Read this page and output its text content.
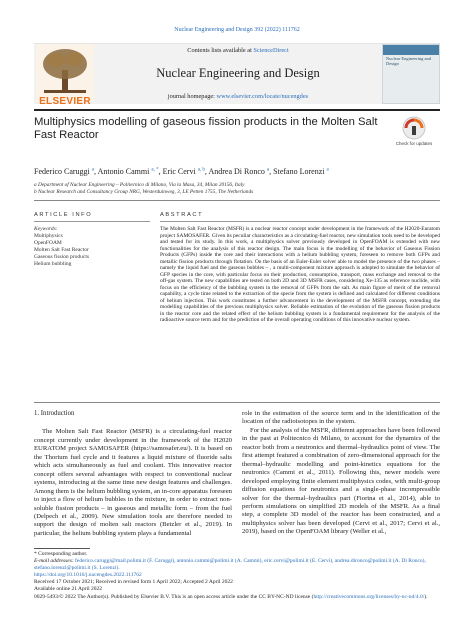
Nuclear Engineering and Design 392 (2022) 111762
ELSEVIER
Contents lists available at ScienceDirect
Nuclear Engineering and Design
journal homepage: www.elsevier.com/locate/nucengdes
Nuclear Engineering and Design
Multiphysics modelling of gaseous fission products in the Molten Salt Fast Reactor
Check for updates
Federico Caruggi $^a$, Antonio Cammi $^{a, *}$, Eric Cervi $^{a, b}$, Andrea Di Ronco $^a$, Stefano Lorenzi $^a$
a Department of Nuclear Engineering – Politecnico di Milano, Via la Masa, 34, Milan 20156, Italy
b Nuclear Research and Consultancy Group NRG, Westerduinweg, 3, LE Petten 1755, The Netherlands
ARTICLE INFO	ABSTRACT
Keywords:
Multiphysics
OpenFOAM
Molten Salt Fast Reactor
Gaseous fission products
Helium bubbling
The Molten Salt Fast Reactor (MSFR) is a nuclear reactor concept under development in the framework of the H2020-Euratom project SAMOSAFER. Given its peculiar characteristics as a circulating-fuel reactor, new simulation tools need to be developed and tested for its study. In this work, a multiphysics solver previously developed in OpenFOAM is extended with new functionalities for the analysis of this reactor design. The main focus is the modelling of the behavior of Gaseous Fission Products (GFPs) inside the core and their interactions with a helium bubbling system, foreseen to remove both GFPs and metallic fission products through flotation. On the basis of an Euler-Euler solver able to model the presence of the two phases – namely the liquid fuel and the gaseous bubbles – , a multi-component mixture approach is adopted to simulate the behavior of GFP species in the core, with particular focus on their production, consumption, transport, mass exchange and removal to the off-gas system. The new capabilities are tested on both 2D and 3D MSFR cases, considering Xe-135 as reference nuclide, with focus on the efficiency of the bubbling system in the removal of GFPs from the salt. As main figure of merit of the removal capability, a cycle time related to the extraction of the specie from the system is defined and calculated for different conditions of helium injection. This work constitutes a further advancement in the development of the MSFR concept, extending the modelling capabilities of the previous multiphysics solver. Reliable estimation of the evolution of the gaseous fission products in the reactor core and the related effect of the helium bubbling system is a fundamental requirement for the analysis of the radioactive source term and for the prediction of the overall operating conditions of this innovative nuclear system.
1. Introduction

The Molten Salt Fast Reactor (MSFR) is a circulating-fuel reactor concept currently under development in the framework of the H2020 EURATOM project SAMOSAFER (https://samosafer.eu/). It is based on the Thorium fuel cycle and it features a liquid mixture of fluoride salts which acts simultaneously as fuel and coolant. This innovative reactor concept offers several advantages with respect to conventional nuclear systems, introducing at the same time new design features and challenges. Among them is the helium bubbling system, an in-core apparatus foreseen to inject a flow of helium bubbles in the mixture, in order to extract non-soluble fission products – in gaseous and metallic form – from the fuel (Delpech et al., 2009). New simulation tools are therefore needed to support the design of molten salt reactors (Betzler et al., 2019). In particular, the helium bubbling system plays a fundamental

role in the estimation of the source term and in the identification of the location of the radioisotopes in the system.

For the analysis of the MSFR, different approaches have been followed in the past at Politecnico di Milano, to account for the dynamics of the reactor both from a neutronics and thermal–hydraulics point of view. The first attempt featured a combination of zero-dimensional approach for the thermal–hydraulic modelling and point-kinetics equations for the neutronics (Cammi et al., 2011). Following this, newer models were developed employing finite element multiphysics codes, with multi-group diffusion equations for neutronics and a single-phase incompressible solver for the thermal–hydraulics part (Fiorina et al., 2014), able to perform simulations on simplified 2D models of the MSFR. As a final step, a complete 3D model of the reactor has been constructed, and a multiphysics solver has been developed (Cervi et al., 2017; Cervi et al., 2019), based on the OpenFOAM library (Weller et al.,

* Corresponding author.

E-mail addresses: federico.caruggi@mail.polimi.it (F. Caruggi), antonio.cammi@polimi.it (A. Cammi), eric.cervi@polimi.it (E. Cervi), andrea.dironco@polimi.it (A. Di Ronco), stefano.lorenzi@polimi.it (S. Lorenzi).

https://doi.org/10.1016/j.nucengdes.2022.111762

Received 17 October 2021; Received in revised form 1 April 2022; Accepted 2 April 2022

Available online 21 April 2022

0029-5493/© 2022 The Author(s). Published by Elsevier B.V. This is an open access article under the CC BY-NC-ND license (http://creativecommons.org/licenses/by-nc-nd/4.0/).
